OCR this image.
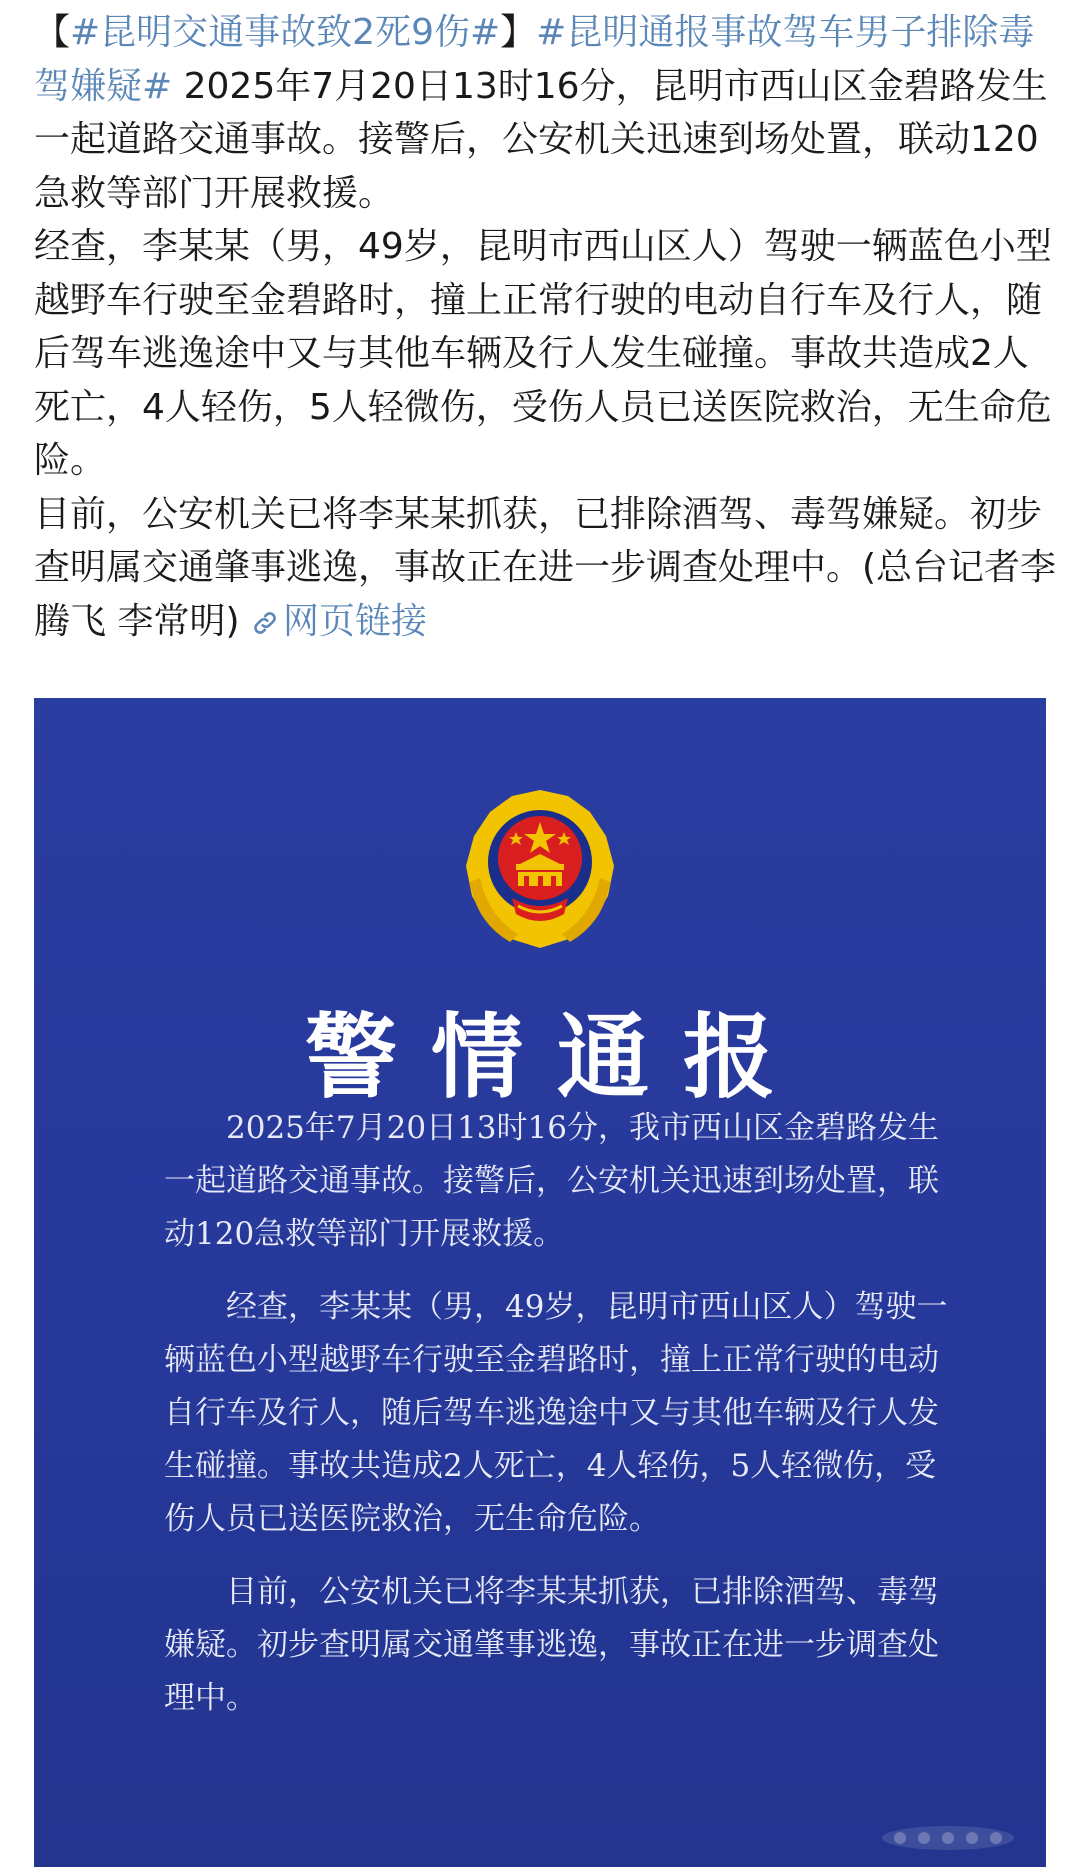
【#昆明交通事故致2死9伤#】#昆明通报事故驾车男子排除毒驾嫌疑# 2025年7月20日13时16分，昆明市西山区金碧路发生一起道路交通事故。接警后，公安机关迅速到场处置，联动120急救等部门开展救援。

经查，李某某（男，49岁，昆明市西山区人）驾驶一辆蓝色小型越野车行驶至金碧路时，撞上正常行驶的电动自行车及行人，随后驾车逃逸途中又与其他车辆及行人发生碰撞。事故共造成2人死亡，4人轻伤，5人轻微伤，受伤人员已送医院救治，无生命危险。

目前，公安机关已将李某某抓获，已排除酒驾、毒驾嫌疑。初步查明属交通肇事逃逸，事故正在进一步调查处理中。(总台记者李腾飞 李常明) 网页链接

警情通报

2025年7月20日13时16分，我市西山区金碧路发生一起道路交通事故。接警后，公安机关迅速到场处置，联动120急救等部门开展救援。

经查，李某某（男，49岁，昆明市西山区人）驾驶一辆蓝色小型越野车行驶至金碧路时，撞上正常行驶的电动自行车及行人，随后驾车逃逸途中又与其他车辆及行人发生碰撞。事故共造成2人死亡，4人轻伤，5人轻微伤，受伤人员已送医院救治，无生命危险。

目前，公安机关已将李某某抓获，已排除酒驾、毒驾嫌疑。初步查明属交通肇事逃逸，事故正在进一步调查处理中。
